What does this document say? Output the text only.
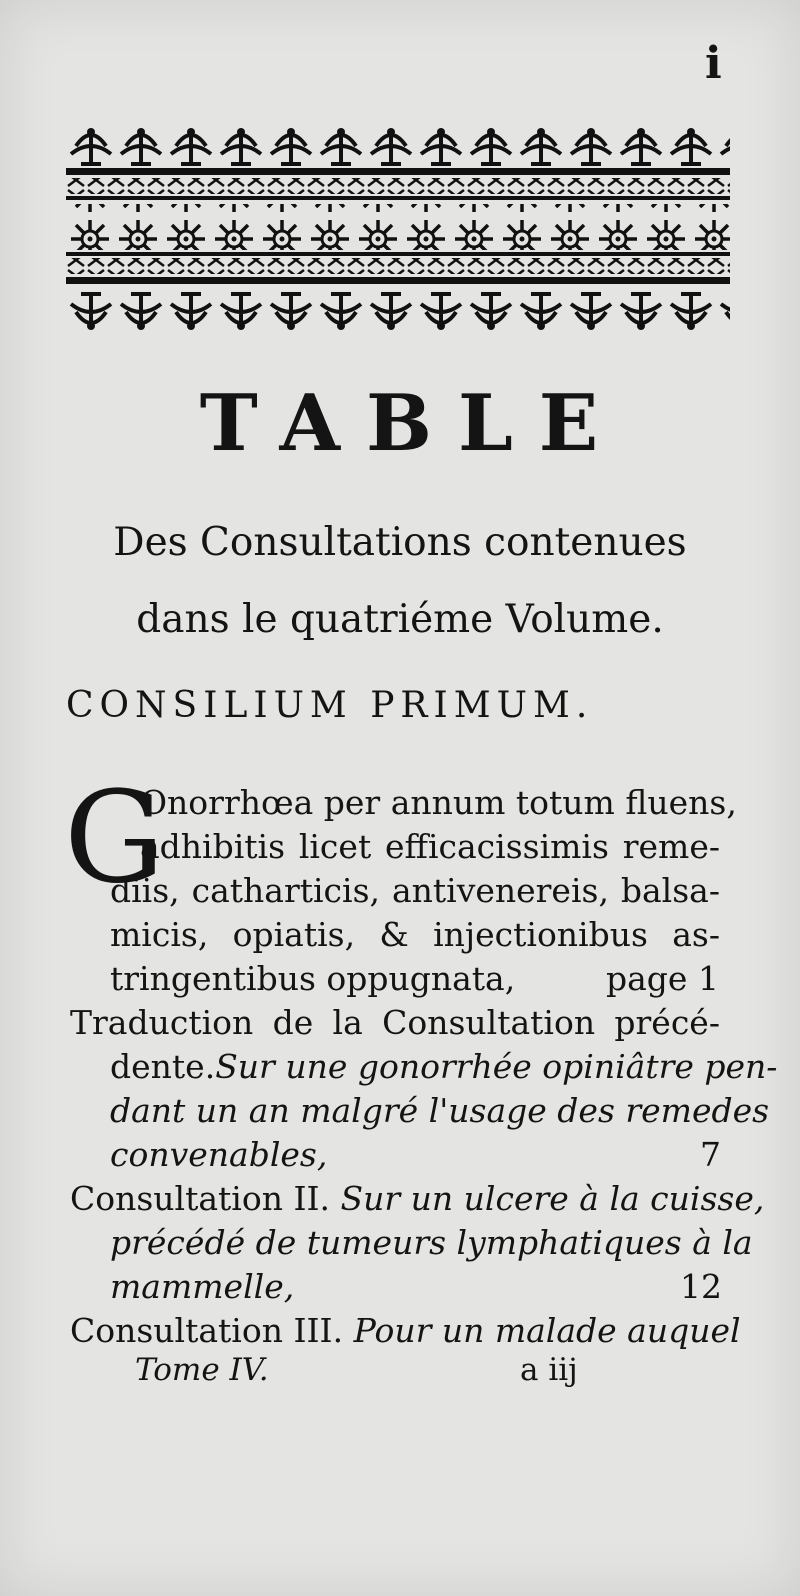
i
TABLE
Des Consultations contenues
dans le quatriéme Volume.
CONSILIUM PRIMUM.
G
Onorrhœa per annum totum fluens,
adhibitis licet efficacissimis reme-
diis, catharticis, antivenereis, balsa-
micis, opiatis, & injectionibus as-
tringentibus oppugnata,	page 1
Traduction de la Consultation précé-
dente. Sur une gonorrhée opiniâtre pen-
dant un an malgré l'usage des remedes
convenables,	7
Consultation II. Sur un ulcere à la cuisse,
précédé de tumeurs lymphatiques à la
mammelle,	12
Consultation III. Pour un malade auquel
Tome IV.	a iij
